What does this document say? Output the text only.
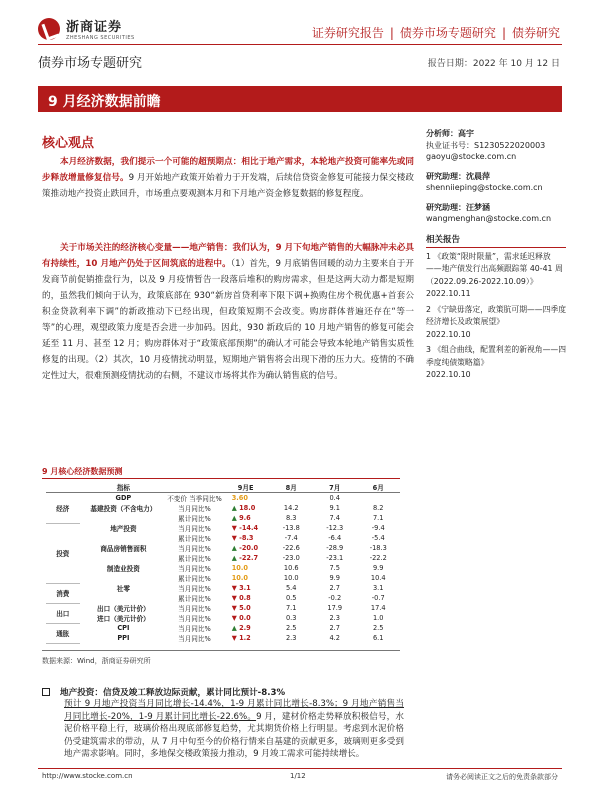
浙商证券
ZHESHANG SECURITIES	证券研究报告 | 债券市场专题研究 | 债券研究
债券市场专题研究	报告日期：2022 年 10 月 12 日
9 月经济数据前瞻
核心观点

本月经济数据，我们提示一个可能的超预期点：相比于地产需求，本轮地产投资可能率先或同步释放增量修复信号。9 月开始地产政策开始着力于开发端，后续信贷资金修复可能接力保交楼政策推动地产投资止跌回升，市场重点要观测本月和下月地产资金修复数据的修复程度。

关于市场关注的经济核心变量——地产销售：我们认为，9 月下旬地产销售的大幅脉冲未必具有持续性，10 月地产仍处于区间筑底的进程中。（1）首先，9 月底销售回暖的动力主要来自于开发商节前促销推盘行为，以及 9 月疫情暂告一段落后堆积的购房需求，但是这两大动力都是短期的，虽然我们倾向于认为，政策底部在 930“新房首贷利率下限下调+换购住房个税优惠+首套公积金贷款利率下调”的新政推动下已经出现，但政策短期不会改变。购房群体普遍还存在“等一等”的心理，观望政策力度是否会进一步加码。因此，930 新政后的 10 月地产销售的修复可能会延至 11 月、甚至 12 月；购房群体对于“政策底部预期”的确认才可能会导致本轮地产销售实质性修复的出现。（2）其次，10 月疫情扰动明显，短期地产销售将会出现下滑的压力大。疫情的不确定性过大，很难预测疫情扰动的右侧，不建议市场将其作为确认销售底的信号。

分析师：高宇
执业证书号：S1230522020003
gaoyu@stocke.com.cn
研究助理：沈晨萍
shenniieping@stocke.com.cn
研究助理：汪梦涵
wangmenghan@stocke.com.cn
相关报告
1 《政策“限时限量”，需求延迟释放 ——地产债发行出高频跟踪第 40-41 周（2022.09.26-2022.10.09）》
2022.10.11
2 《宁缺毋落定，政策肮可期——四季度经济增长及政策展望》
2022.10.10
3 《组合曲线，配置利差的新视角——四季度纯债策略篇》
2022.10.10
9 月核心经济数据预测
	指标		9月E	8月	7月	6月
经济	GDP	不变价 当季同比%	3.60		0.4	
	基建投资（不含电力）	当月同比%	▲ 18.0	14.2	9.1	8.2
		累计同比%	▲ 9.6	8.3	7.4	7.1
投资	地产投资	当月同比%	▼ -14.4	-13.8	-12.3	-9.4
		累计同比%	▼ -8.3	-7.4	-6.4	-5.4
	商品房销售面积	当月同比%	▲ -20.0	-22.6	-28.9	-18.3
		累计同比%	▲ -22.7	-23.0	-23.1	-22.2
	制造业投资	当月同比%	10.0	10.6	7.5	9.9
		累计同比%	10.0	10.0	9.9	10.4
消费	社零	当月同比%	▼ 3.1	5.4	2.7	3.1
		累计同比%	▼ 0.8	0.5	-0.2	-0.7
出口	出口（美元计价）	当月同比%	▼ 5.0	7.1	17.9	17.4
	进口（美元计价）	当月同比%	▼ 0.0	0.3	2.3	1.0
通胀	CPI	当月同比%	▲ 2.9	2.5	2.7	2.5
	PPI	当月同比%	▼ 1.2	2.3	4.2	6.1
数据来源：Wind，浙商证券研究所
地产投资：信贷及竣工释放边际贡献，累计同比预计-8.3%

预计 9 月地产投资当月同比增长-14.4%，1-9 月累计同比增长-8.3%；9 月地产销售当月同比增长-20%，1-9 月累计同比增长-22.6%。9 月，建材价格走势释放积极信号，水泥价格平稳上行，玻璃价格出现底部修复趋势，尤其期货价格上行明显。考虑到水泥价格仍受建筑需求的带动，从 7 月中旬至今的价格行情来自基建的贡献更多，玻璃则更多受到地产需求影响。同时，多地保交楼政策接力推动，9 月竣工需求可能持续增长。

http://www.stocke.com.cn	1/12	请务必阅读正文之后的免责条款部分
